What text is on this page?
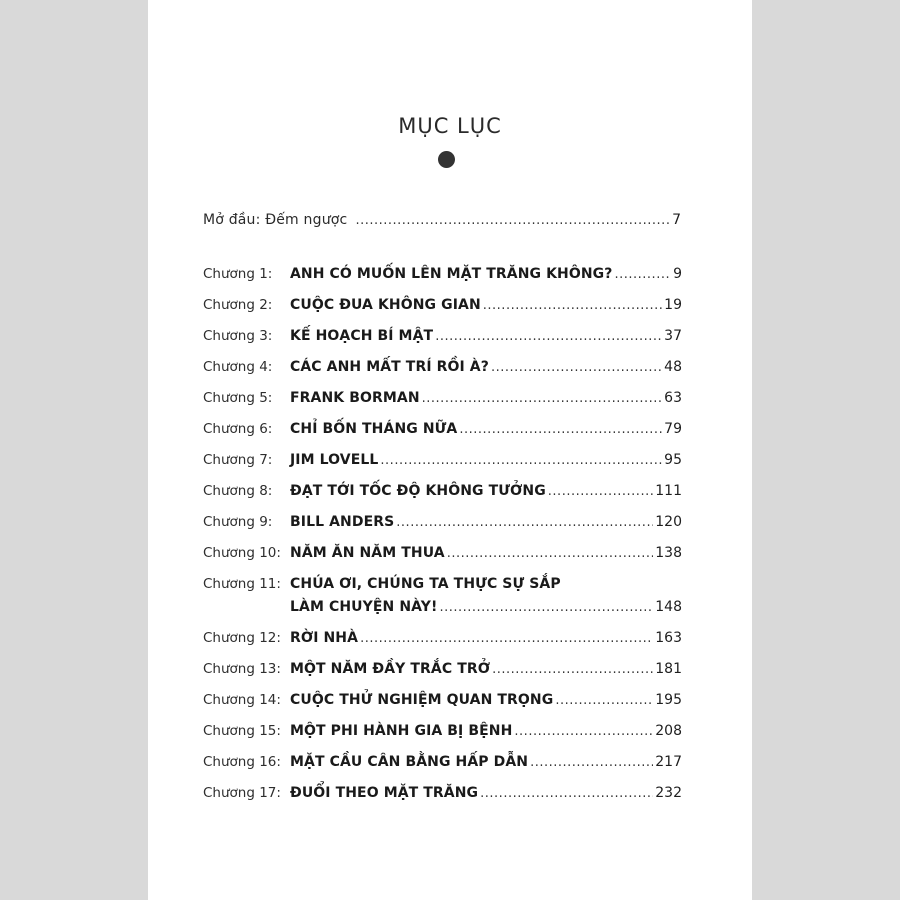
MỤC LỤC
Mở đầu: Đếm ngược .....	7
Chương 1:	ANH CÓ MUỐN LÊN MẶT TRĂNG KHÔNG? .....	9
Chương 2:	CUỘC ĐUA KHÔNG GIAN .....	19
Chương 3:	KẾ HOẠCH BÍ MẬT .....	37
Chương 4:	CÁC ANH MẤT TRÍ RỒI À? .....	48
Chương 5:	FRANK BORMAN .....	63
Chương 6:	CHỈ BỐN THÁNG NỮA .....	79
Chương 7:	JIM LOVELL .....	95
Chương 8:	ĐẠT TỚI TỐC ĐỘ KHÔNG TƯỞNG .....	111
Chương 9:	BILL ANDERS .....	120
Chương 10: NĂM ĂN NĂM THUA .....	138
Chương 11: CHÚA ƠI, CHÚNG TA THỰC SỰ SẮP
LÀM CHUYỆN NÀY! .....	148
Chương 12: RỜI NHÀ .....	163
Chương 13: MỘT NĂM ĐẦY TRẮC TRỞ .....	181
Chương 14: CUỘC THỬ NGHIỆM QUAN TRỌNG .....	195
Chương 15: MỘT PHI HÀNH GIA BỊ BỆNH .....	208
Chương 16: MẶT CẦU CÂN BẰNG HẤP DẪN .....	217
Chương 17: ĐUỔI THEO MẶT TRĂNG .....	232
